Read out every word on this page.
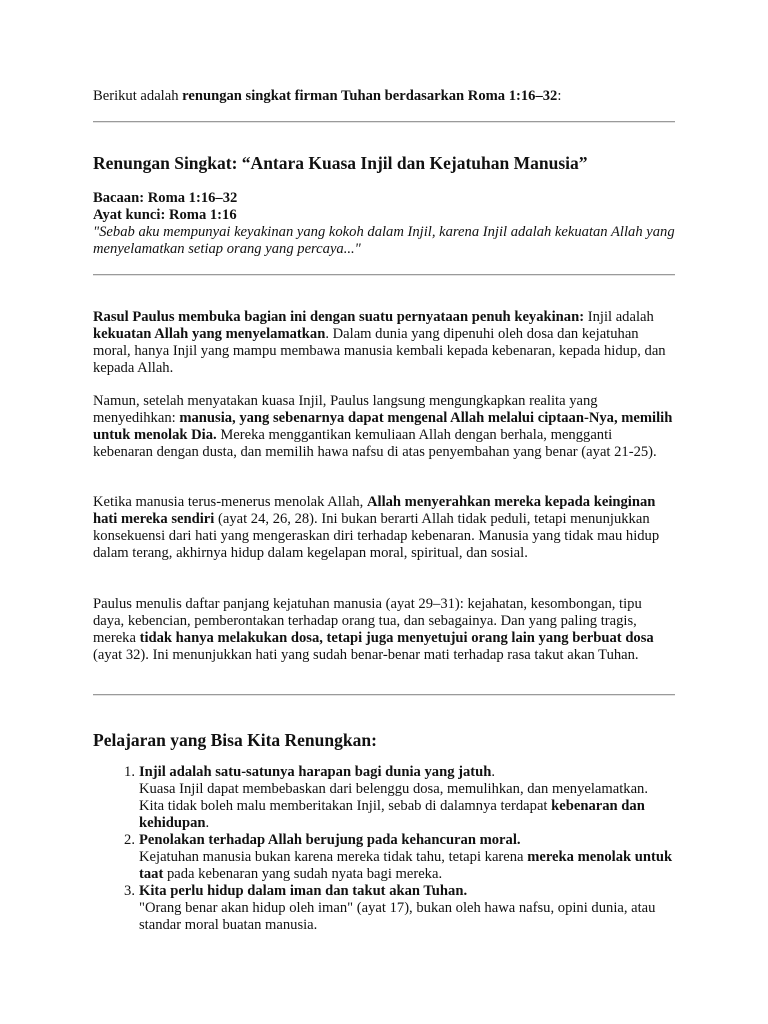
Berikut adalah renungan singkat firman Tuhan berdasarkan Roma 1:16–32:

Renungan Singkat: “Antara Kuasa Injil dan Kejatuhan Manusia”
Bacaan: Roma 1:16–32
Ayat kunci: Roma 1:16
"Sebab aku mempunyai keyakinan yang kokoh dalam Injil, karena Injil adalah kekuatan Allah yang menyelamatkan setiap orang yang percaya..."

Rasul Paulus membuka bagian ini dengan suatu pernyataan penuh keyakinan: Injil adalah kekuatan Allah yang menyelamatkan. Dalam dunia yang dipenuhi oleh dosa dan kejatuhan moral, hanya Injil yang mampu membawa manusia kembali kepada kebenaran, kepada hidup, dan kepada Allah.

Namun, setelah menyatakan kuasa Injil, Paulus langsung mengungkapkan realita yang menyedihkan: manusia, yang sebenarnya dapat mengenal Allah melalui ciptaan-Nya, memilih untuk menolak Dia. Mereka menggantikan kemuliaan Allah dengan berhala, mengganti kebenaran dengan dusta, dan memilih hawa nafsu di atas penyembahan yang benar (ayat 21-25).

Ketika manusia terus-menerus menolak Allah, Allah menyerahkan mereka kepada keinginan hati mereka sendiri (ayat 24, 26, 28). Ini bukan berarti Allah tidak peduli, tetapi menunjukkan konsekuensi dari hati yang mengeraskan diri terhadap kebenaran. Manusia yang tidak mau hidup dalam terang, akhirnya hidup dalam kegelapan moral, spiritual, dan sosial.

Paulus menulis daftar panjang kejatuhan manusia (ayat 29–31): kejahatan, kesombongan, tipu daya, kebencian, pemberontakan terhadap orang tua, dan sebagainya. Dan yang paling tragis, mereka tidak hanya melakukan dosa, tetapi juga menyetujui orang lain yang berbuat dosa (ayat 32). Ini menunjukkan hati yang sudah benar-benar mati terhadap rasa takut akan Tuhan.

Pelajaran yang Bisa Kita Renungkan:
1. Injil adalah satu-satunya harapan bagi dunia yang jatuh.
Kuasa Injil dapat membebaskan dari belenggu dosa, memulihkan, dan menyelamatkan. Kita tidak boleh malu memberitakan Injil, sebab di dalamnya terdapat kebenaran dan kehidupan.
2. Penolakan terhadap Allah berujung pada kehancuran moral.
Kejatuhan manusia bukan karena mereka tidak tahu, tetapi karena mereka menolak untuk taat pada kebenaran yang sudah nyata bagi mereka.
3. Kita perlu hidup dalam iman dan takut akan Tuhan.
"Orang benar akan hidup oleh iman" (ayat 17), bukan oleh hawa nafsu, opini dunia, atau standar moral buatan manusia.
